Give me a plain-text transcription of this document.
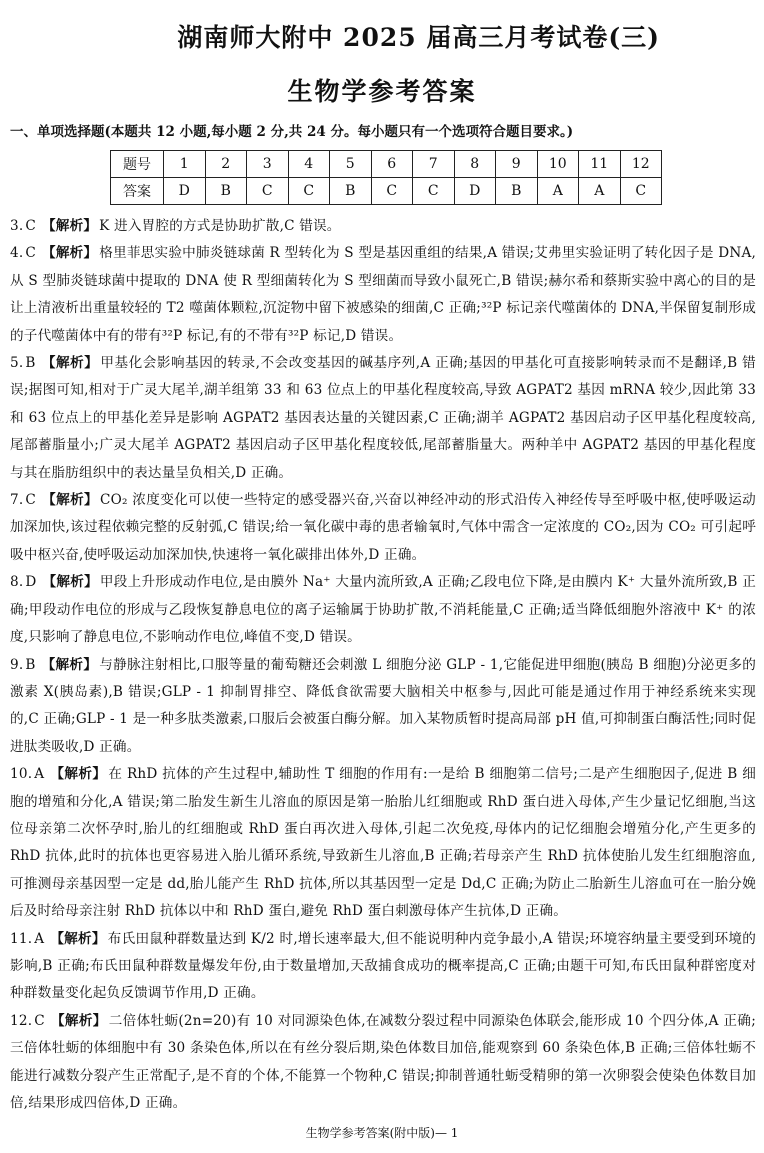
湖南师大附中 2025 届高三月考试卷(三)
生物学参考答案
一、单项选择题(本题共 12 小题,每小题 2 分,共 24 分。每小题只有一个选项符合题目要求。)
题号	1	2	3	4	5	6	7	8	9	10	11	12
答案	D	B	C	C	B	C	C	D	B	A	A	C

3. C 【解析】 K 进入胃腔的方式是协助扩散,C 错误。

4. C 【解析】 格里菲思实验中肺炎链球菌 R 型转化为 S 型是基因重组的结果,A 错误;艾弗里实验证明了转化因子是 DNA,从 S 型肺炎链球菌中提取的 DNA 使 R 型细菌转化为 S 型细菌而导致小鼠死亡,B 错误;赫尔希和蔡斯实验中离心的目的是让上清液析出重量较轻的 T2 噬菌体颗粒,沉淀物中留下被感染的细菌,C 正确;³²P 标记亲代噬菌体的 DNA,半保留复制形成的子代噬菌体中有的带有³²P 标记,有的不带有³²P 标记,D 错误。

5. B 【解析】 甲基化会影响基因的转录,不会改变基因的碱基序列,A 正确;基因的甲基化可直接影响转录而不是翻译,B 错误;据图可知,相对于广灵大尾羊,湖羊组第 33 和 63 位点上的甲基化程度较高,导致 AGPAT2 基因 mRNA 较少,因此第 33 和 63 位点上的甲基化差异是影响 AGPAT2 基因表达量的关键因素,C 正确;湖羊 AGPAT2 基因启动子区甲基化程度较高,尾部蓄脂量小;广灵大尾羊 AGPAT2 基因启动子区甲基化程度较低,尾部蓄脂量大。两种羊中 AGPAT2 基因的甲基化程度与其在脂肪组织中的表达量呈负相关,D 正确。

7. C 【解析】 CO₂ 浓度变化可以使一些特定的感受器兴奋,兴奋以神经冲动的形式沿传入神经传导至呼吸中枢,使呼吸运动加深加快,该过程依赖完整的反射弧,C 错误;给一氧化碳中毒的患者输氧时,气体中需含一定浓度的 CO₂,因为 CO₂ 可引起呼吸中枢兴奋,使呼吸运动加深加快,快速将一氧化碳排出体外,D 正确。

8. D 【解析】 甲段上升形成动作电位,是由膜外 Na⁺ 大量内流所致,A 正确;乙段电位下降,是由膜内 K⁺ 大量外流所致,B 正确;甲段动作电位的形成与乙段恢复静息电位的离子运输属于协助扩散,不消耗能量,C 正确;适当降低细胞外溶液中 K⁺ 的浓度,只影响了静息电位,不影响动作电位,峰值不变,D 错误。

9. B 【解析】 与静脉注射相比,口服等量的葡萄糖还会刺激 L 细胞分泌 GLP - 1,它能促进甲细胞(胰岛 B 细胞)分泌更多的激素 X(胰岛素),B 错误;GLP - 1 抑制胃排空、降低食欲需要大脑相关中枢参与,因此可能是通过作用于神经系统来实现的,C 正确;GLP - 1 是一种多肽类激素,口服后会被蛋白酶分解。加入某物质暂时提高局部 pH 值,可抑制蛋白酶活性;同时促进肽类吸收,D 正确。

10. A 【解析】 在 RhD 抗体的产生过程中,辅助性 T 细胞的作用有:一是给 B 细胞第二信号;二是产生细胞因子,促进 B 细胞的增殖和分化,A 错误;第二胎发生新生儿溶血的原因是第一胎胎儿红细胞或 RhD 蛋白进入母体,产生少量记忆细胞,当这位母亲第二次怀孕时,胎儿的红细胞或 RhD 蛋白再次进入母体,引起二次免疫,母体内的记忆细胞会增殖分化,产生更多的 RhD 抗体,此时的抗体也更容易进入胎儿循环系统,导致新生儿溶血,B 正确;若母亲产生 RhD 抗体使胎儿发生红细胞溶血,可推测母亲基因型一定是 dd,胎儿能产生 RhD 抗体,所以其基因型一定是 Dd,C 正确;为防止二胎新生儿溶血可在一胎分娩后及时给母亲注射 RhD 抗体以中和 RhD 蛋白,避免 RhD 蛋白刺激母体产生抗体,D 正确。

11. A 【解析】 布氏田鼠种群数量达到 K/2 时,增长速率最大,但不能说明种内竞争最小,A 错误;环境容纳量主要受到环境的影响,B 正确;布氏田鼠种群数量爆发年份,由于数量增加,天敌捕食成功的概率提高,C 正确;由题干可知,布氏田鼠种群密度对种群数量变化起负反馈调节作用,D 正确。

12. C 【解析】 二倍体牡蛎(2n=20)有 10 对同源染色体,在减数分裂过程中同源染色体联会,能形成 10 个四分体,A 正确;三倍体牡蛎的体细胞中有 30 条染色体,所以在有丝分裂后期,染色体数目加倍,能观察到 60 条染色体,B 正确;三倍体牡蛎不能进行减数分裂产生正常配子,是不育的个体,不能算一个物种,C 错误;抑制普通牡蛎受精卵的第一次卵裂会使染色体数目加倍,结果形成四倍体,D 正确。

生物学参考答案(附中版)— 1
